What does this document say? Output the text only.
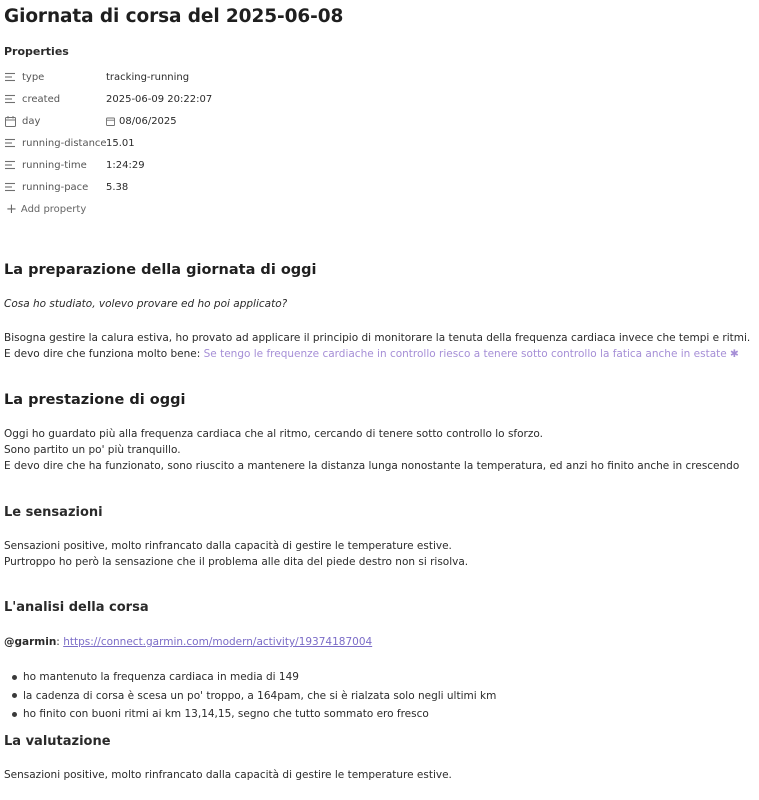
Giornata di corsa del 2025-06-08
Properties
type	tracking-running
created	2025-06-09 20:22:07
day	08/06/2025
running-distance 15.01
running-time	1:24:29
running-pace	5.38
+ Add property
La preparazione della giornata di oggi
Cosa ho studiato, volevo provare ed ho poi applicato?
Bisogna gestire la calura estiva, ho provato ad applicare il principio di monitorare la tenuta della frequenza cardiaca invece che tempi e ritmi.
E devo dire che funziona molto bene: Se tengo le frequenze cardiache in controllo riesco a tenere sotto controllo la fatica anche in estate ✱
La prestazione di oggi
Oggi ho guardato più alla frequenza cardiaca che al ritmo, cercando di tenere sotto controllo lo sforzo.
Sono partito un po' più tranquillo.
E devo dire che ha funzionato, sono riuscito a mantenere la distanza lunga nonostante la temperatura, ed anzi ho finito anche in crescendo
Le sensazioni
Sensazioni positive, molto rinfrancato dalla capacità di gestire le temperature estive.
Purtroppo ho però la sensazione che il problema alle dita del piede destro non si risolva.
L'analisi della corsa
@garmin: https://connect.garmin.com/modern/activity/19374187004
ho mantenuto la frequenza cardiaca in media di 149
la cadenza di corsa è scesa un po' troppo, a 164pam, che si è rialzata solo negli ultimi km
ho finito con buoni ritmi ai km 13,14,15, segno che tutto sommato ero fresco
La valutazione
Sensazioni positive, molto rinfrancato dalla capacità di gestire le temperature estive.
